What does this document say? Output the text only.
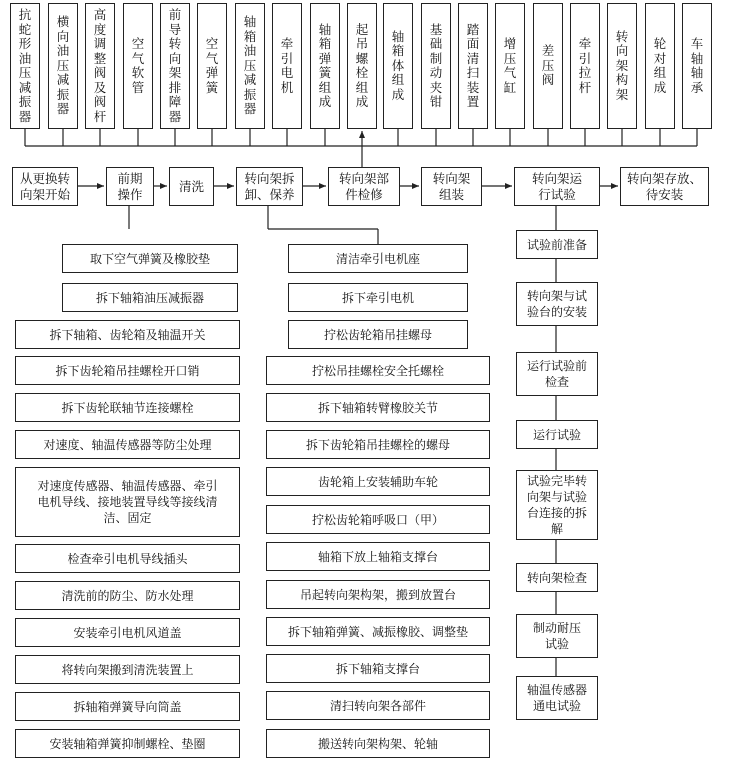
抗蛇形油压减振器
横向油压减振器
高度调整阀及阀杆
空气软管
前导转向架排障器
空气弹簧
轴箱油压减振器
牵引电机
轴箱弹簧组成
起吊螺栓组成
轴箱体组成
基础制动夹钳
踏面清扫装置
增压气缸
差压阀
牵引拉杆
转向架构架
轮对组成
车轴轴承
从更换转向架开始
前期操作
清洗
转向架拆卸、保养
转向架部件检修
转向架组装
转向架运行试验
转向架存放、待安装
取下空气弹簧及橡胶垫
拆下轴箱油压减振器
拆下轴箱、齿轮箱及轴温开关
拆下齿轮箱吊挂螺栓开口销
拆下齿轮联轴节连接螺栓
对速度、轴温传感器等防尘处理
对速度传感器、轴温传感器、牵引电机导线、接地装置导线等接线清洁、固定
检查牵引电机导线插头
清洗前的防尘、防水处理
安装牵引电机风道盖
将转向架搬到清洗装置上
拆轴箱弹簧导向筒盖
安装轴箱弹簧抑制螺栓、垫圈
清洁牵引电机座
拆下牵引电机
拧松齿轮箱吊挂螺母
拧松吊挂螺栓安全托螺栓
拆下轴箱转臂橡胶关节
拆下齿轮箱吊挂螺栓的螺母
齿轮箱上安装辅助车轮
拧松齿轮箱呼吸口（甲）
轴箱下放上轴箱支撑台
吊起转向架构架，搬到放置台
拆下轴箱弹簧、减振橡胶、调整垫
拆下轴箱支撑台
清扫转向架各部件
搬送转向架构架、轮轴
试验前准备
转向架与试验台的安装
运行试验前检查
运行试验
试验完毕转向架与试验台连接的拆解
转向架检查
制动耐压试验
轴温传感器通电试验
